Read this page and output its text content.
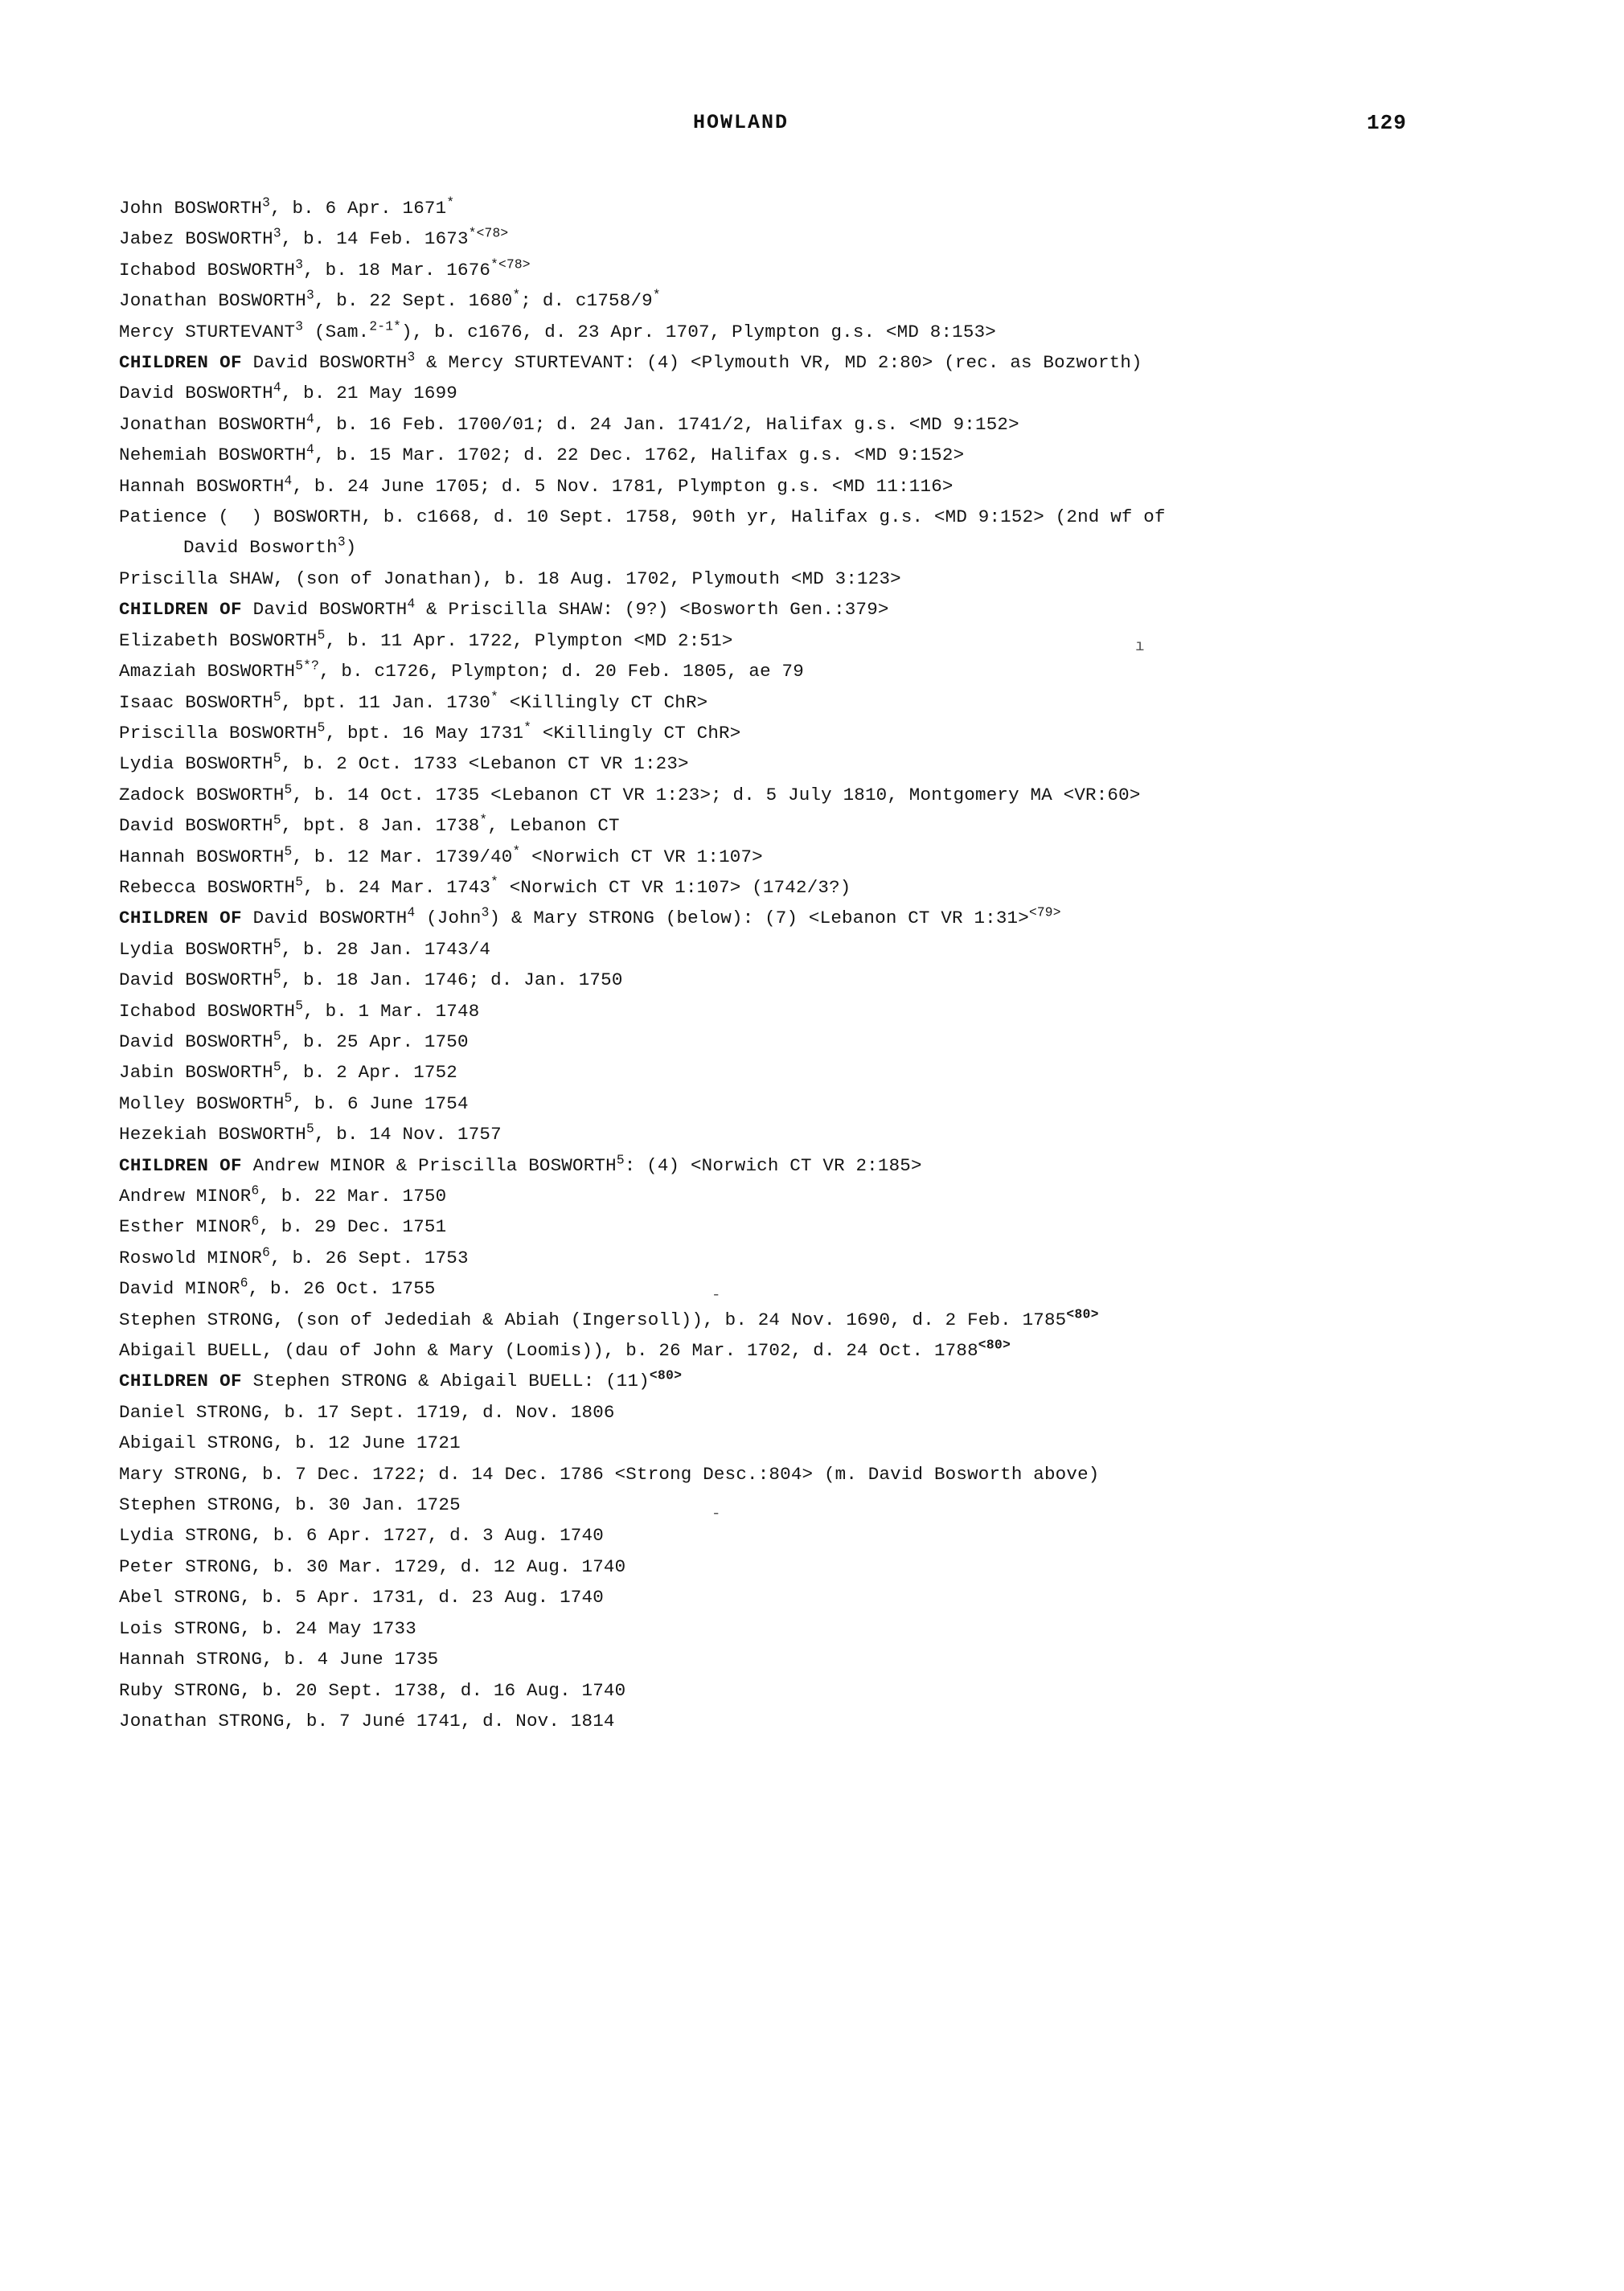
HOWLAND	129
John BOSWORTH$^3$, b. 6 Apr. 1671*
Jabez BOSWORTH$^3$, b. 14 Feb. $1673^{*<78>}$
Ichabod BOSWORTH$^3$, b. 18 Mar. $1676^{*<78>}$
Jonathan BOSWORTH$^3$, b. 22 Sept. 1680*; d. c1758/9*
Mercy STURTEVANT$^3$ (Sam.$^{2-1*}$), b. c1676, d. 23 Apr. 1707, Plympton g.s. <MD 8:153>
CHILDREN OF David BOSWORTH$^3$ & Mercy STURTEVANT: (4) <Plymouth VR, MD 2:80> (rec. as Bozworth)
David BOSWORTH$^4$, b. 21 May 1699
Jonathan BOSWORTH$^4$, b. 16 Feb. 1700/01; d. 24 Jan. 1741/2, Halifax g.s. <MD 9:152>
Nehemiah BOSWORTH$^4$, b. 15 Mar. 1702; d. 22 Dec. 1762, Halifax g.s. <MD 9:152>
Hannah BOSWORTH$^4$, b. 24 June 1705; d. 5 Nov. 1781, Plympton g.s. <MD 11:116>
Patience (  ) BOSWORTH, b. c1668, d. 10 Sept. 1758, 90th yr, Halifax g.s. <MD 9:152> (2nd wf of
David Bosworth$^3$)
Priscilla SHAW, (son of Jonathan), b. 18 Aug. 1702, Plymouth <MD 3:123>
CHILDREN OF David BOSWORTH$^4$ & Priscilla SHAW: (9?) <Bosworth Gen.:379>
Elizabeth BOSWORTH$^5$, b. 11 Apr. 1722, Plympton <MD 2:51>
Amaziah $BOSWORTH^{5*?}$, b. c1726, Plympton; d. 20 Feb. 1805, ae 79
Isaac BOSWORTH$^5$, bpt. 11 Jan. 1730* <Killingly CT ChR>
Priscilla BOSWORTH$^5$, bpt. 16 May 1731* <Killingly CT ChR>
Lydia BOSWORTH$^5$, b. 2 Oct. 1733 <Lebanon CT VR 1:23>
Zadock BOSWORTH$^5$, b. 14 Oct. 1735 <Lebanon CT VR 1:23>; d. 5 July 1810, Montgomery MA <VR:60>
David BOSWORTH$^5$, bpt. 8 Jan. 1738*, Lebanon CT
Hannah BOSWORTH$^5$, b. 12 Mar. 1739/40* <Norwich CT VR 1:107>
Rebecca BOSWORTH$^5$, b. 24 Mar. 1743* <Norwich CT VR 1:107> (1742/3?)
CHILDREN OF David BOSWORTH$^4$ (John$^3$) & Mary STRONG (below): (7) <Lebanon CT VR 1:31>$^{<79>}$
Lydia BOSWORTH$^5$, b. 28 Jan. 1743/4
David BOSWORTH$^5$, b. 18 Jan. 1746; d. Jan. 1750
Ichabod BOSWORTH$^5$, b. 1 Mar. 1748
David BOSWORTH$^5$, b. 25 Apr. 1750
Jabin BOSWORTH$^5$, b. 2 Apr. 1752
Molley BOSWORTH$^5$, b. 6 June 1754
Hezekiah BOSWORTH$^5$, b. 14 Nov. 1757
CHILDREN OF Andrew MINOR & Priscilla BOSWORTH$^5$: (4) <Norwich CT VR 2:185>
Andrew MINOR$^6$, b. 22 Mar. 1750
Esther MINOR$^6$, b. 29 Dec. 1751
Roswold MINOR$^6$, b. 26 Sept. 1753
David MINOR$^6$, b. 26 Oct. 1755
Stephen STRONG, (son of Jedediah & Abiah (Ingersoll)), b. 24 Nov. 1690, d. 2 Feb. $1785^{<80>}$
Abigail BUELL, (dau of John & Mary (Loomis)), b. 26 Mar. 1702, d. 24 Oct. $1788^{<80>}$
CHILDREN OF Stephen STRONG & Abigail BUELL: $(11)^{<80>}$
Daniel STRONG, b. 17 Sept. 1719, d. Nov. 1806
Abigail STRONG, b. 12 June 1721
Mary STRONG, b. 7 Dec. 1722; d. 14 Dec. 1786 <Strong Desc.:804> (m. David Bosworth above)
Stephen STRONG, b. 30 Jan. 1725
Lydia STRONG, b. 6 Apr. 1727, d. 3 Aug. 1740
Peter STRONG, b. 30 Mar. 1729, d. 12 Aug. 1740
Abel STRONG, b. 5 Apr. 1731, d. 23 Aug. 1740
Lois STRONG, b. 24 May 1733
Hannah STRONG, b. 4 June 1735
Ruby STRONG, b. 20 Sept. 1738, d. 16 Aug. 1740
Jonathan STRONG, b. 7 Juné 1741, d. Nov. 1814
ı
-
-
